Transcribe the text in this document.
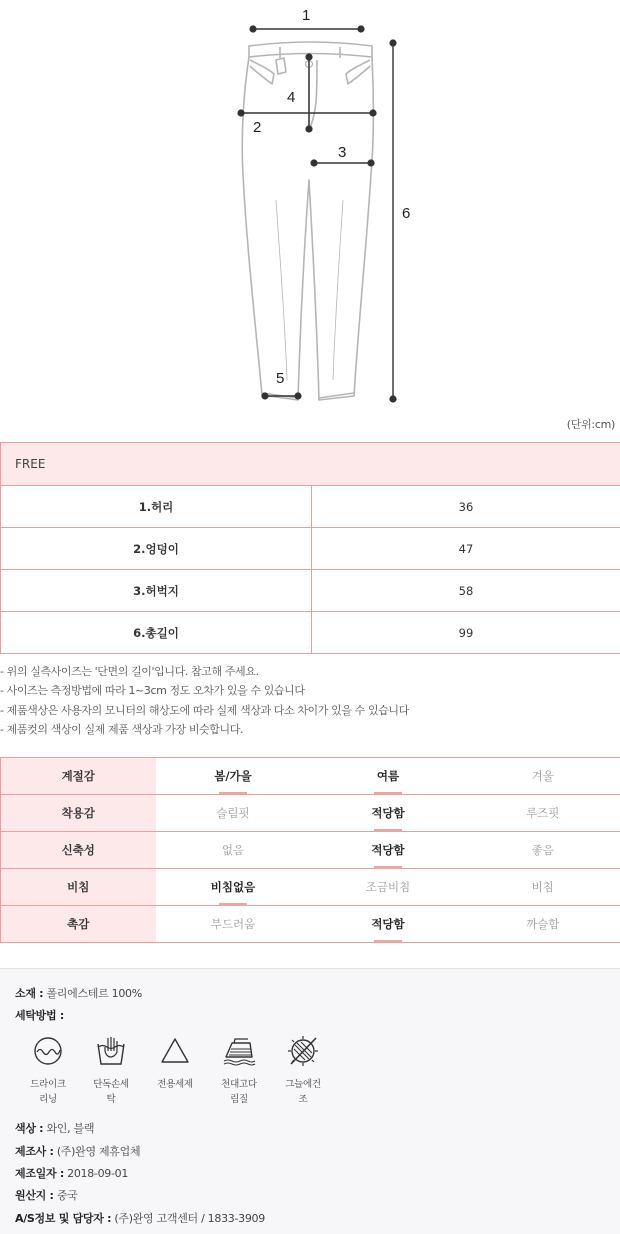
1
2
3
4
5
6
(단위:cm)
FREE	
1.허리	36
2.엉덩이	47
3.허벅지	58
6.총길이	99
- 위의 실측사이즈는 '단면의 길이'입니다. 참고해 주세요.
- 사이즈는 측정방법에 따라 1~3cm 정도 오차가 있을 수 있습니다
- 제품색상은 사용자의 모니터의 해상도에 따라 실제 색상과 다소 차이가 있을 수 있습니다
- 제품컷의 색상이 실제 제품 색상과 가장 비슷합니다.
계절감	봄/가을	여름	겨울
착용감	슬림핏	적당함	루즈핏
신축성	없음	적당함	좋음
비침	비침없음	조금비침	비침
촉감	부드러움	적당함	까슬함
소재 : 폴리에스테르 100%
세탁방법 :
드라이크
리닝
단독손세
탁
전용세제	천대고다
림질
그늘에건
조
색상 : 와인, 블랙
제조사 : (주)완영 제휴업체
제조일자 : 2018-09-01
원산지 : 중국
A/S정보 및 담당자 : (주)완영 고객센터 / 1833-3909
